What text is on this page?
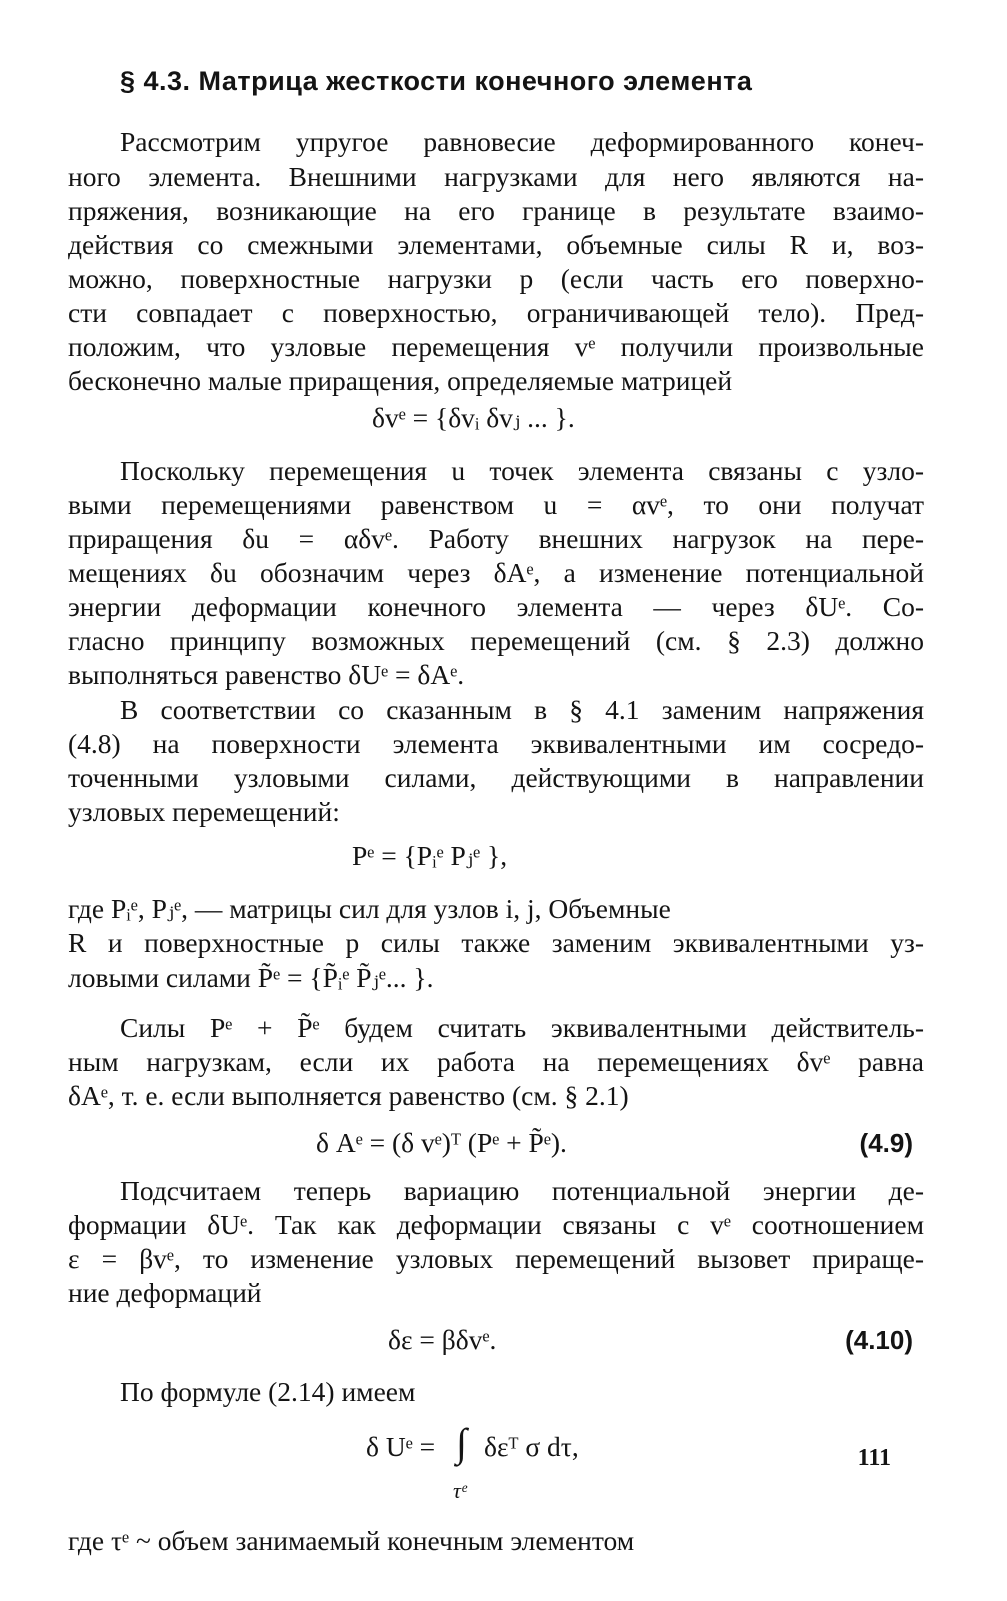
§ 4.3. Матрица жесткости конечного элемента
Рассмотрим упругое равновесие деформированного конеч-
ного элемента. Внешними нагрузками для него являются на-
пряжения, возникающие на его границе в результате взаимо-
действия со смежными элементами, объемные силы R и, воз-
можно, поверхностные нагрузки p (если часть его поверхно-
сти совпадает с поверхностью, ограничивающей тело). Пред-
положим, что узловые перемещения vᵉ получили произвольные
бесконечно малые приращения, определяемые матрицей
δvᵉ = {δvᵢ δvⱼ ... }.
Поскольку перемещения u точек элемента связаны с узло-
выми перемещениями равенством u = αvᵉ, то они получат
приращения δu = αδvᵉ. Работу внешних нагрузок на пере-
мещениях δu обозначим через δAᵉ, а изменение потенциальной
энергии деформации конечного элемента — через δUᵉ. Со-
гласно принципу возможных перемещений (см. § 2.3) должно
выполняться равенство δUᵉ = δAᵉ.
В соответствии со сказанным в § 4.1 заменим напряжения
(4.8) на поверхности элемента эквивалентными им сосредо-
точенными узловыми силами, действующими в направлении
узловых перемещений:
Pᵉ = {Pᵢᵉ Pⱼᵉ },
где Pᵢᵉ, Pⱼᵉ, — матрицы сил для узлов i, j, Объемные
R и поверхностные p силы также заменим эквивалентными уз-
ловыми силами P̃ᵉ = {P̃ᵢᵉ P̃ⱼᵉ... }.
Силы Pᵉ + P̃ᵉ будем считать эквивалентными действитель-
ным нагрузкам, если их работа на перемещениях δvᵉ равна
δAᵉ, т. е. если выполняется равенство (см. § 2.1)
δ Aᵉ = (δ vᵉ)ᵀ (Pᵉ + P̃ᵉ).	(4.9)
Подсчитаем теперь вариацию потенциальной энергии де-
формации δUᵉ. Так как деформации связаны с vᵉ соотношением
ε = βvᵉ, то изменение узловых перемещений вызовет прираще-
ние деформаций
δε = βδvᵉ.	(4.10)
По формуле (2.14) имеем
δ Uᵉ = ∫ δεᵀ σ dτ,
τᵉ
где τᵉ ~ объем занимаемый конечным элементом
111
